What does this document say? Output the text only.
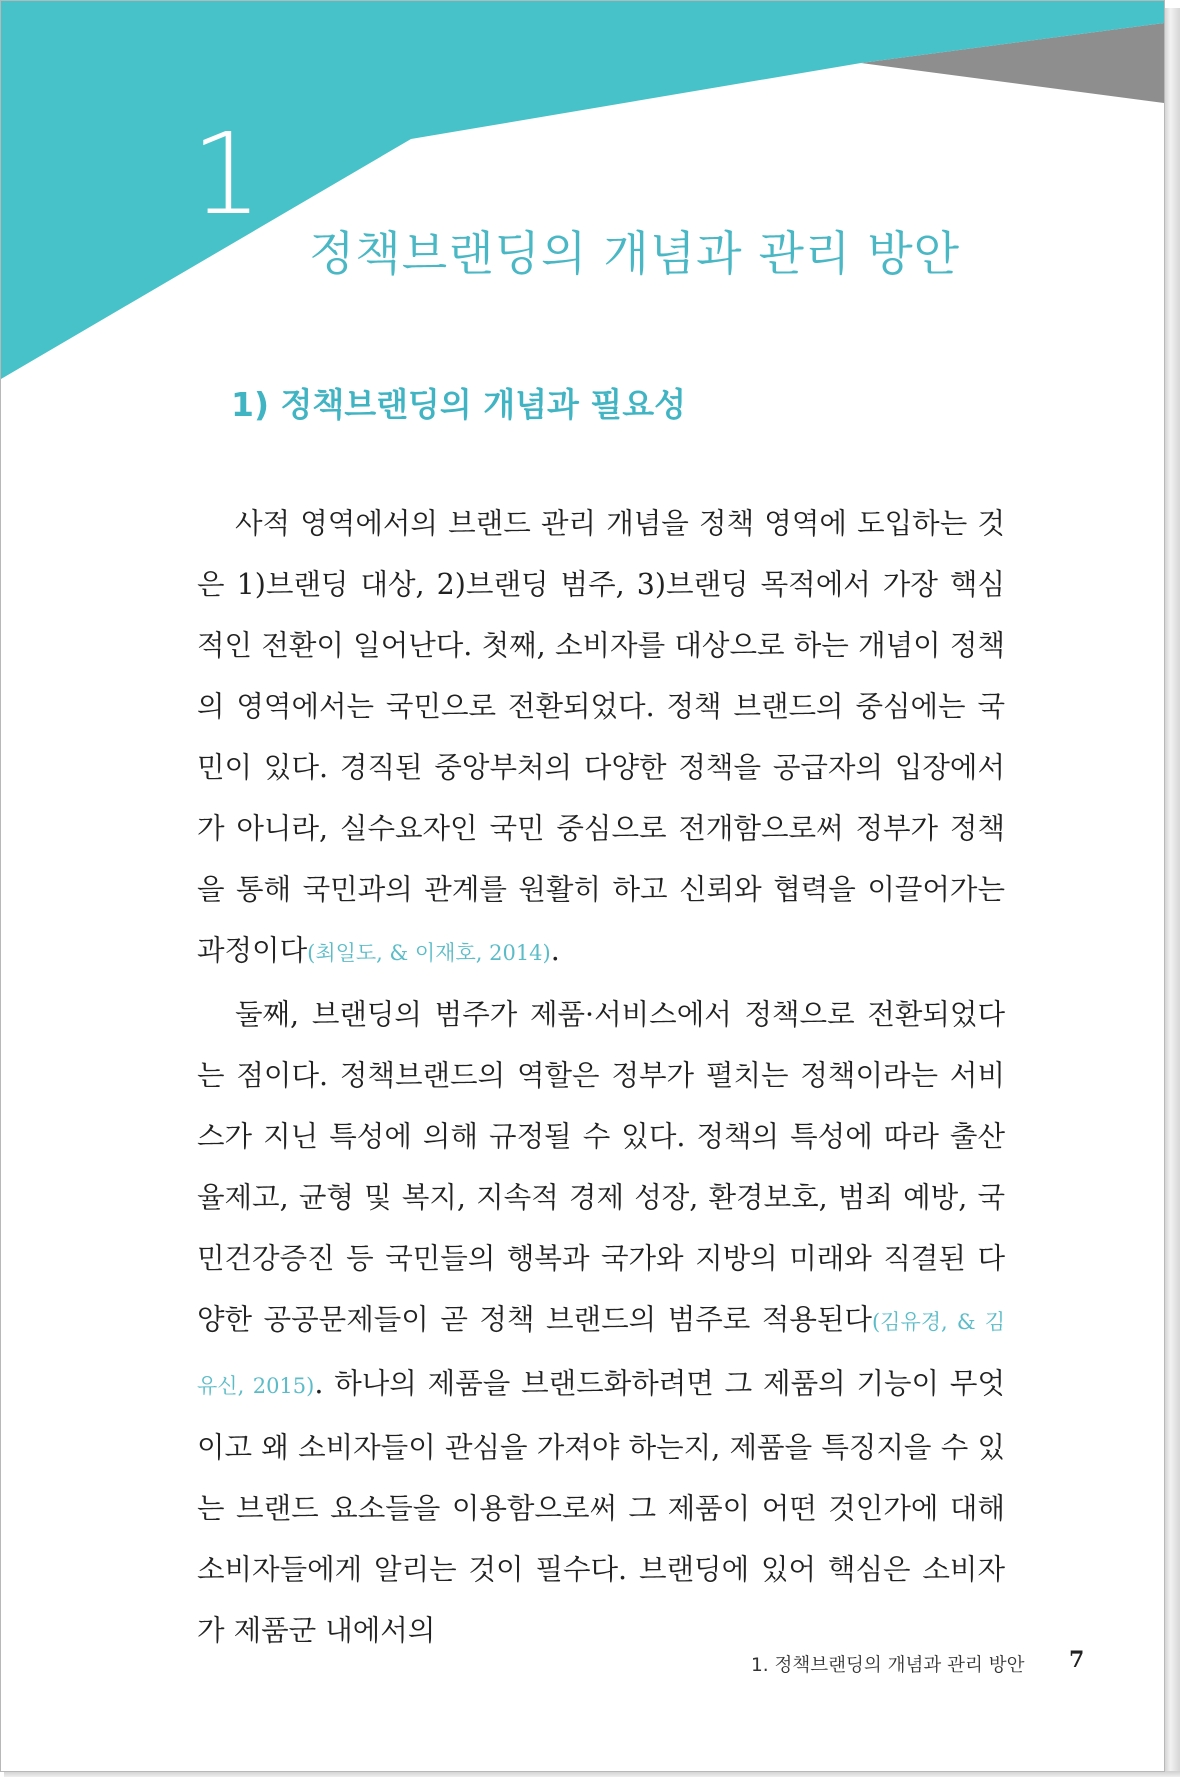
1
정책브랜딩의 개념과 관리 방안
1) 정책브랜딩의 개념과 필요성

사적 영역에서의 브랜드 관리 개념을 정책 영역에 도입하는 것은 1)브랜딩 대상, 2)브랜딩 범주, 3)브랜딩 목적에서 가장 핵심적인 전환이 일어난다. 첫째, 소비자를 대상으로 하는 개념이 정책의 영역에서는 국민으로 전환되었다. 정책 브랜드의 중심에는 국민이 있다. 경직된 중앙부처의 다양한 정책을 공급자의 입장에서가 아니라, 실수요자인 국민 중심으로 전개함으로써 정부가 정책을 통해 국민과의 관계를 원활히 하고 신뢰와 협력을 이끌어가는 과정이다(최일도, & 이재호, 2014).

둘째, 브랜딩의 범주가 제품·서비스에서 정책으로 전환되었다는 점이다. 정책브랜드의 역할은 정부가 펼치는 정책이라는 서비스가 지닌 특성에 의해 규정될 수 있다. 정책의 특성에 따라 출산율제고, 균형 및 복지, 지속적 경제 성장, 환경보호, 범죄 예방, 국민건강증진 등 국민들의 행복과 국가와 지방의 미래와 직결된 다양한 공공문제들이 곧 정책 브랜드의 범주로 적용된다(김유경, & 김유신, 2015). 하나의 제품을 브랜드화하려면 그 제품의 기능이 무엇이고 왜 소비자들이 관심을 가져야 하는지, 제품을 특징지을 수 있는 브랜드 요소들을 이용함으로써 그 제품이 어떤 것인가에 대해 소비자들에게 알리는 것이 필수다. 브랜딩에 있어 핵심은 소비자가 제품군 내에서의

1. 정책브랜딩의 개념과 관리 방안 7
